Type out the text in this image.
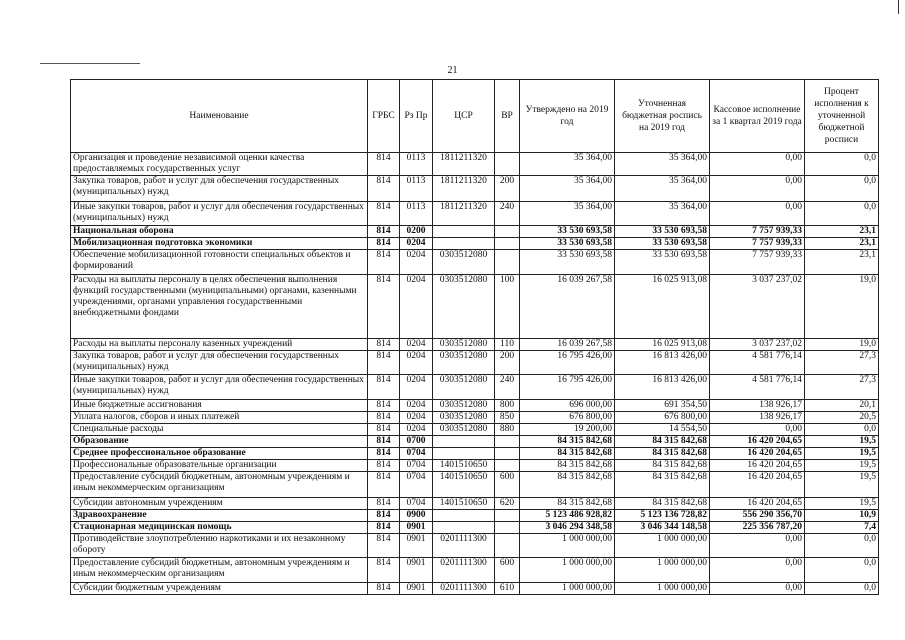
21
Наименование	ГРБС	Рз Пр	ЦСР	ВР	Утверждено на 2019 год	Уточненная бюджетная роспись на 2019 год	Кассовое исполнение за 1 квартал 2019 года	Процент исполнения к уточненной бюджетной росписи
Организация и проведение независимой оценки качества предоставляемых государственных услуг	814	0113	1811211320		35 364,00	35 364,00	0,00	0,0
Закупка товаров, работ и услуг для обеспечения государственных (муниципальных) нужд	814	0113	1811211320	200	35 364,00	35 364,00	0,00	0,0
Иные закупки товаров, работ и услуг для обеспечения государственных (муниципальных) нужд	814	0113	1811211320	240	35 364,00	35 364,00	0,00	0,0
Национальная оборона	814	0200			33 530 693,58	33 530 693,58	7 757 939,33	23,1
Мобилизационная подготовка экономики	814	0204			33 530 693,58	33 530 693,58	7 757 939,33	23,1
Обеспечение мобилизационной готовности специальных объектов и формирований	814	0204	0303512080		33 530 693,58	33 530 693,58	7 757 939,33	23,1
Расходы на выплаты персоналу в целях обеспечения выполнения функций государственными (муниципальными) органами, казенными учреждениями, органами управления государственными внебюджетными фондами	814	0204	0303512080	100	16 039 267,58	16 025 913,08	3 037 237,02	19,0
Расходы на выплаты персоналу казенных учреждений	814	0204	0303512080	110	16 039 267,58	16 025 913,08	3 037 237,02	19,0
Закупка товаров, работ и услуг для обеспечения государственных (муниципальных) нужд	814	0204	0303512080	200	16 795 426,00	16 813 426,00	4 581 776,14	27,3
Иные закупки товаров, работ и услуг для обеспечения государственных (муниципальных) нужд	814	0204	0303512080	240	16 795 426,00	16 813 426,00	4 581 776,14	27,3
Иные бюджетные ассигнования	814	0204	0303512080	800	696 000,00	691 354,50	138 926,17	20,1
Уплата налогов, сборов и иных платежей	814	0204	0303512080	850	676 800,00	676 800,00	138 926,17	20,5
Специальные расходы	814	0204	0303512080	880	19 200,00	14 554,50	0,00	0,0
Образование	814	0700			84 315 842,68	84 315 842,68	16 420 204,65	19,5
Среднее профессиональное образование	814	0704			84 315 842,68	84 315 842,68	16 420 204,65	19,5
Профессиональные образовательные организации	814	0704	1401510650		84 315 842,68	84 315 842,68	16 420 204,65	19,5
Предоставление субсидий бюджетным, автономным учреждениям и иным некоммерческим организациям	814	0704	1401510650	600	84 315 842,68	84 315 842,68	16 420 204,65	19,5
Субсидии автономным учреждениям	814	0704	1401510650	620	84 315 842,68	84 315 842,68	16 420 204,65	19,5
Здравоохранение	814	0900			5 123 486 928,82	5 123 136 728,82	556 290 356,70	10,9
Стационарная медицинская помощь	814	0901			3 046 294 348,58	3 046 344 148,58	225 356 787,20	7,4
Противодействие злоупотреблению наркотиками и их незаконному обороту	814	0901	0201111300		1 000 000,00	1 000 000,00	0,00	0,0
Предоставление субсидий бюджетным, автономным учреждениям и иным некоммерческим организациям	814	0901	0201111300	600	1 000 000,00	1 000 000,00	0,00	0,0
Субсидии бюджетным учреждениям	814	0901	0201111300	610	1 000 000,00	1 000 000,00	0,00	0,0
